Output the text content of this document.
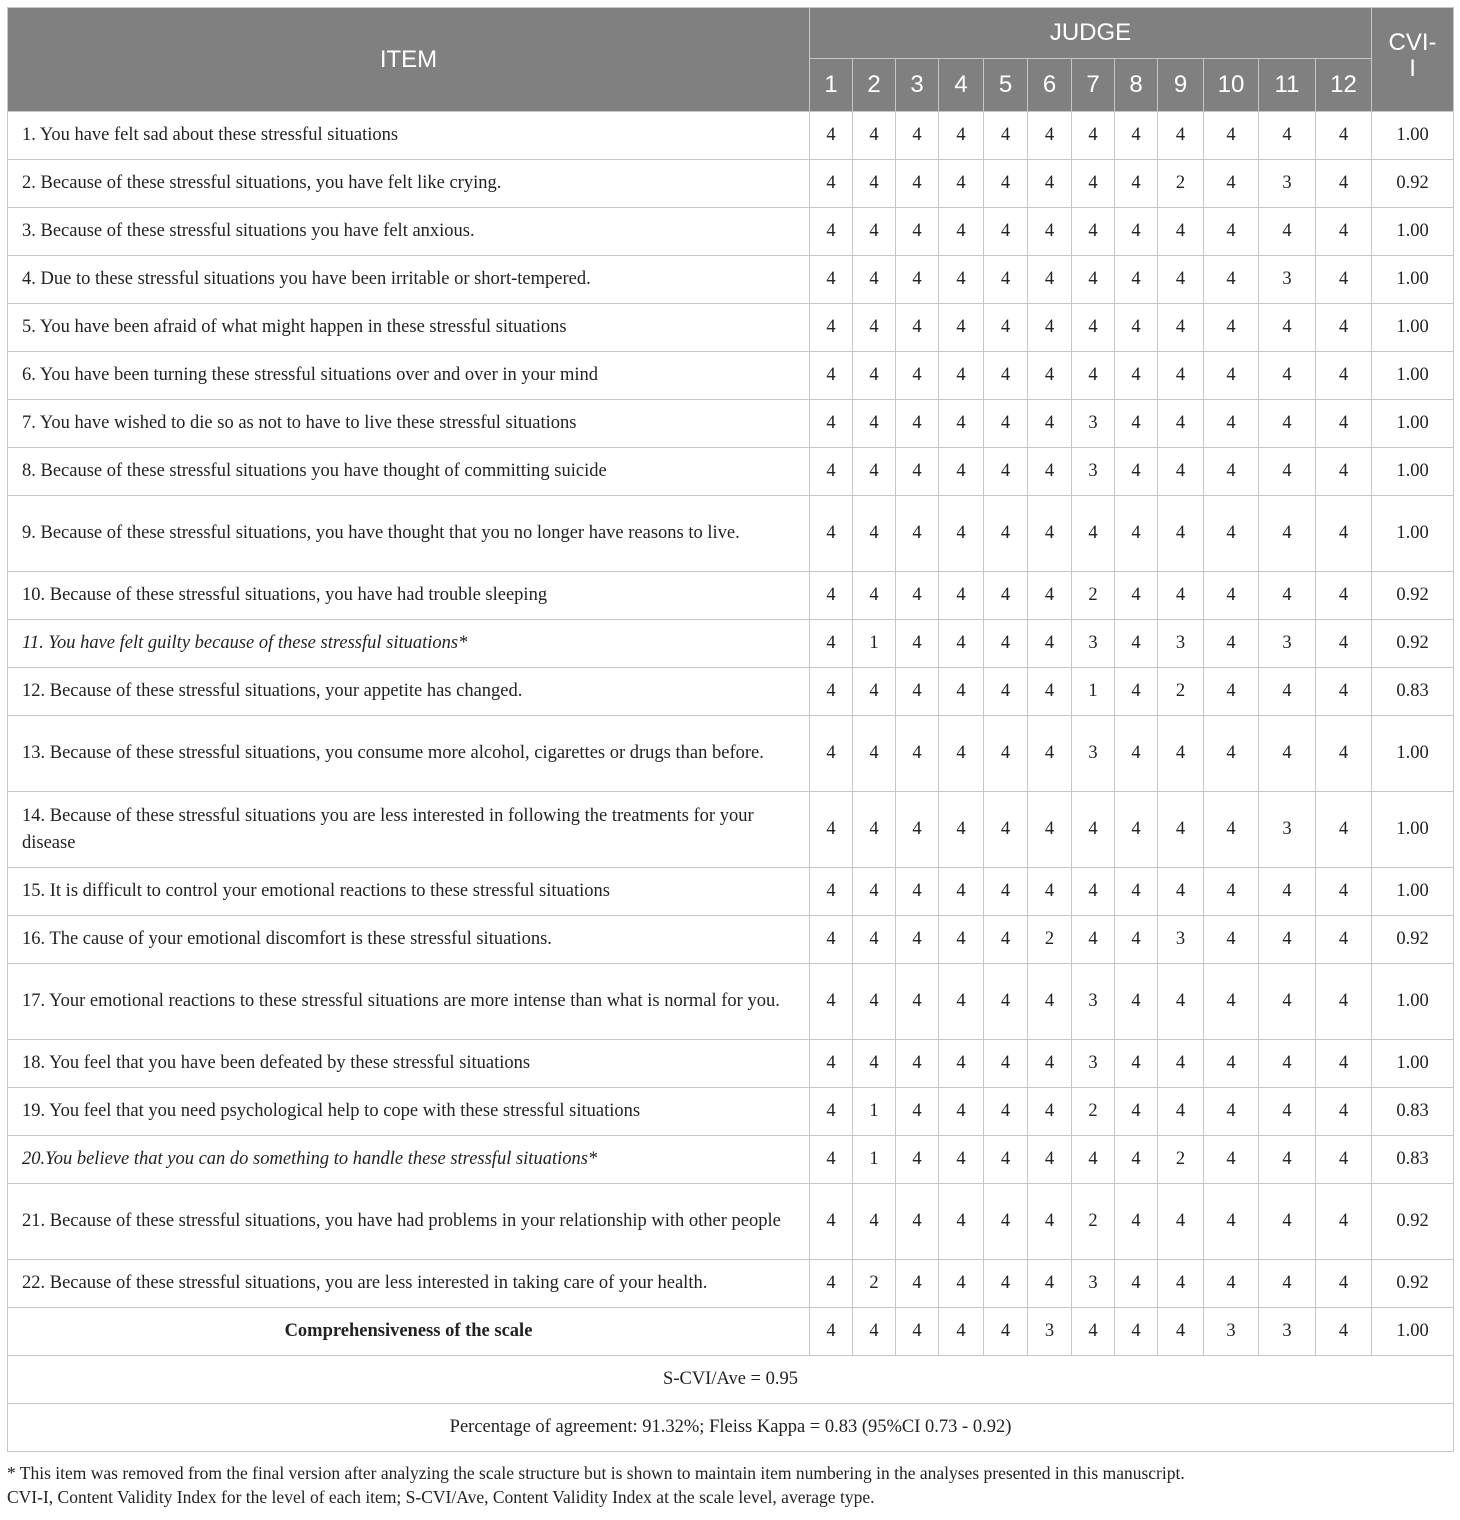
ITEM	JUDGE												CVI-I
	1	2	3	4	5	6	7	8	9	10	11	12	
1. You have felt sad about these stressful situations	4	4	4	4	4	4	4	4	4	4	4	4	1.00
2. Because of these stressful situations, you have felt like crying.	4	4	4	4	4	4	4	4	2	4	3	4	0.92
3. Because of these stressful situations you have felt anxious.	4	4	4	4	4	4	4	4	4	4	4	4	1.00
4. Due to these stressful situations you have been irritable or short-tempered.	4	4	4	4	4	4	4	4	4	4	3	4	1.00
5. You have been afraid of what might happen in these stressful situations	4	4	4	4	4	4	4	4	4	4	4	4	1.00
6. You have been turning these stressful situations over and over in your mind	4	4	4	4	4	4	4	4	4	4	4	4	1.00
7. You have wished to die so as not to have to live these stressful situations	4	4	4	4	4	4	3	4	4	4	4	4	1.00
8. Because of these stressful situations you have thought of committing suicide	4	4	4	4	4	4	3	4	4	4	4	4	1.00
9. Because of these stressful situations, you have thought that you no longer have reasons to live.	4	4	4	4	4	4	4	4	4	4	4	4	1.00
10. Because of these stressful situations, you have had trouble sleeping	4	4	4	4	4	4	2	4	4	4	4	4	0.92
11. You have felt guilty because of these stressful situations*	4	1	4	4	4	4	3	4	3	4	3	4	0.92
12. Because of these stressful situations, your appetite has changed.	4	4	4	4	4	4	1	4	2	4	4	4	0.83
13. Because of these stressful situations, you consume more alcohol, cigarettes or drugs than before.	4	4	4	4	4	4	3	4	4	4	4	4	1.00
14. Because of these stressful situations you are less interested in following the treatments for your disease	4	4	4	4	4	4	4	4	4	4	3	4	1.00
15. It is difficult to control your emotional reactions to these stressful situations	4	4	4	4	4	4	4	4	4	4	4	4	1.00
16. The cause of your emotional discomfort is these stressful situations.	4	4	4	4	4	2	4	4	3	4	4	4	0.92
17. Your emotional reactions to these stressful situations are more intense than what is normal for you.	4	4	4	4	4	4	3	4	4	4	4	4	1.00
18. You feel that you have been defeated by these stressful situations	4	4	4	4	4	4	3	4	4	4	4	4	1.00
19. You feel that you need psychological help to cope with these stressful situations	4	1	4	4	4	4	2	4	4	4	4	4	0.83
20.You believe that you can do something to handle these stressful situations*	4	1	4	4	4	4	4	4	2	4	4	4	0.83
21. Because of these stressful situations, you have had problems in your relationship with other people	4	4	4	4	4	4	2	4	4	4	4	4	0.92
22. Because of these stressful situations, you are less interested in taking care of your health.	4	2	4	4	4	4	3	4	4	4	4	4	0.92
Comprehensiveness of the scale	4	4	4	4	4	3	4	4	4	3	3	4	1.00
S-CVI/Ave = 0.95													
Percentage of agreement: 91.32%; Fleiss Kappa = 0.83 (95%CI 0.73 - 0.92)													
* This item was removed from the final version after analyzing the scale structure but is shown to maintain item numbering in the analyses presented in this manuscript.
CVI-I, Content Validity Index for the level of each item; S-CVI/Ave, Content Validity Index at the scale level, average type.
